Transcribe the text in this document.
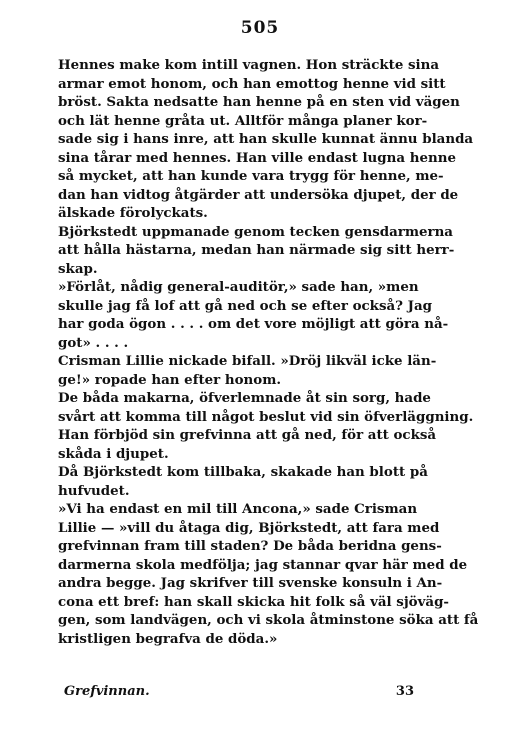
505
Hennes make kom intill vagnen. Hon sträckte sina
armar emot honom, och han emottog henne vid sitt
bröst. Sakta nedsatte han henne på en sten vid vägen
och lät henne gråta ut. Alltför många planer kor-
sade sig i hans inre, att han skulle kunnat ännu blanda
sina tårar med hennes. Han ville endast lugna henne
så mycket, att han kunde vara trygg för henne, me-
dan han vidtog åtgärder att undersöka djupet, der de
älskade förolyckats.
Björkstedt uppmanade genom tecken gensdarmerna
att hålla hästarna, medan han närmade sig sitt herr-
skap.
»Förlåt, nådig general-auditör,» sade han, »men
skulle jag få lof att gå ned och se efter också? Jag
har goda ögon . . . . om det vore möjligt att göra nå-
got» . . . .
Crisman Lillie nickade bifall. »Dröj likväl icke län-
ge!» ropade han efter honom.
De båda makarna, öfverlemnade åt sin sorg, hade
svårt att komma till något beslut vid sin öfverläggning.
Han förbjöd sin grefvinna att gå ned, för att också
skåda i djupet.
Då Björkstedt kom tillbaka, skakade han blott på
hufvudet.
»Vi ha endast en mil till Ancona,» sade Crisman
Lillie — »vill du åtaga dig, Björkstedt, att fara med
grefvinnan fram till staden? De båda beridna gens-
darmerna skola medfölja; jag stannar qvar här med de
andra begge. Jag skrifver till svenske konsuln i An-
cona ett bref: han skall skicka hit folk så väl sjöväg-
gen, som landvägen, och vi skola åtminstone söka att få
kristligen begrafva de döda.»
Grefvinnan.	33
